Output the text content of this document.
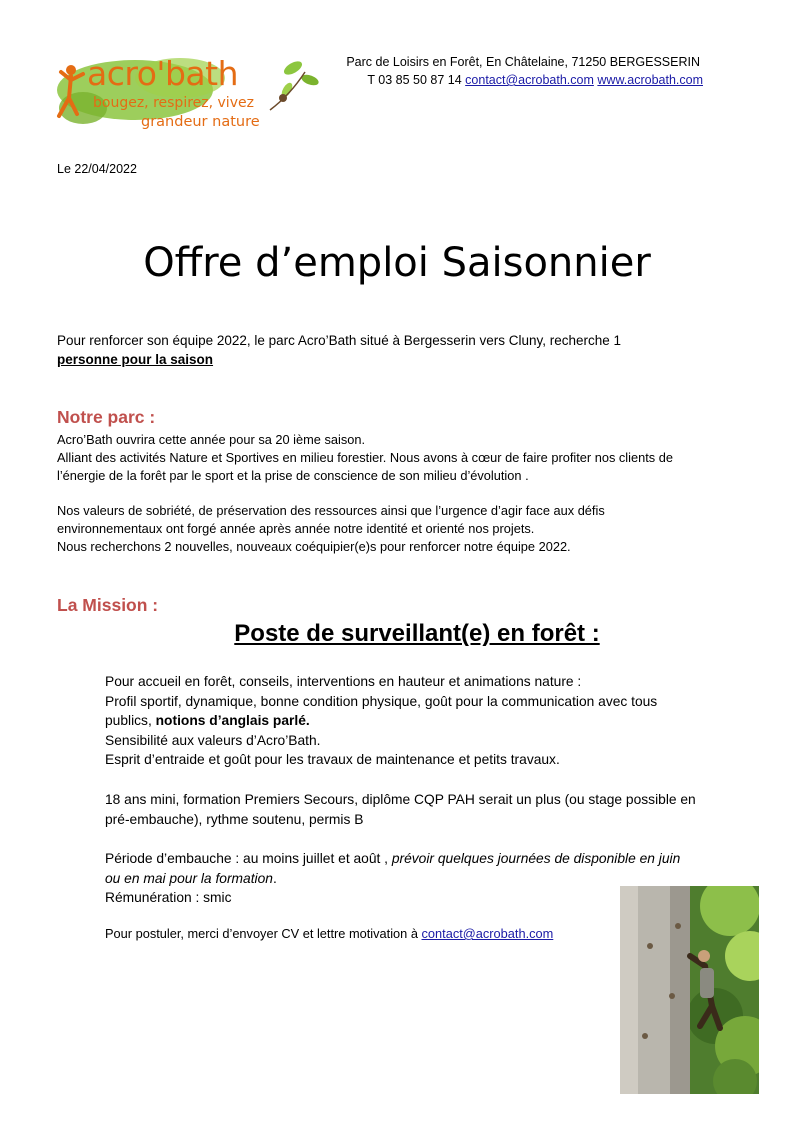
acro'bath
bougez, respirez, vivez
grandeur nature
Parc de Loisirs en Forêt, En Châtelaine, 71250 BERGESSERIN
T 03 85 50 87 14 contact@acrobath.com www.acrobath.com
Le 22/04/2022
Offre d’emploi Saisonnier
Pour renforcer son équipe 2022, le parc Acro’Bath situé à Bergesserin vers Cluny, recherche 1
personne pour la saison
Notre parc :
Acro’Bath ouvrira cette année pour sa 20 ième saison.
Alliant des activités Nature et Sportives en milieu forestier. Nous avons à cœur de faire profiter nos clients de
l’énergie de la forêt par le sport et la prise de conscience de son milieu d’évolution .
Nos valeurs de sobriété, de préservation des ressources ainsi que l’urgence d’agir face aux défis
environnementaux ont forgé année après année notre identité et orienté nos projets.
Nous recherchons 2 nouvelles, nouveaux coéquipier(e)s pour renforcer notre équipe 2022.
La Mission :
Poste de surveillant(e) en forêt :
Pour accueil en forêt, conseils, interventions en hauteur et animations nature :
Profil sportif, dynamique, bonne condition physique, goût pour la communication avec tous
publics, notions d’anglais parlé.
Sensibilité aux valeurs d’Acro’Bath.
Esprit d’entraide et goût pour les travaux de maintenance et petits travaux.
18 ans mini, formation Premiers Secours, diplôme CQP PAH serait un plus (ou stage possible en
pré-embauche), rythme soutenu, permis B
Période d’embauche : au moins juillet et août , prévoir quelques journées de disponible en juin
ou en mai pour la formation.
Rémunération : smic
Pour postuler, merci d’envoyer CV et lettre motivation à contact@acrobath.com
